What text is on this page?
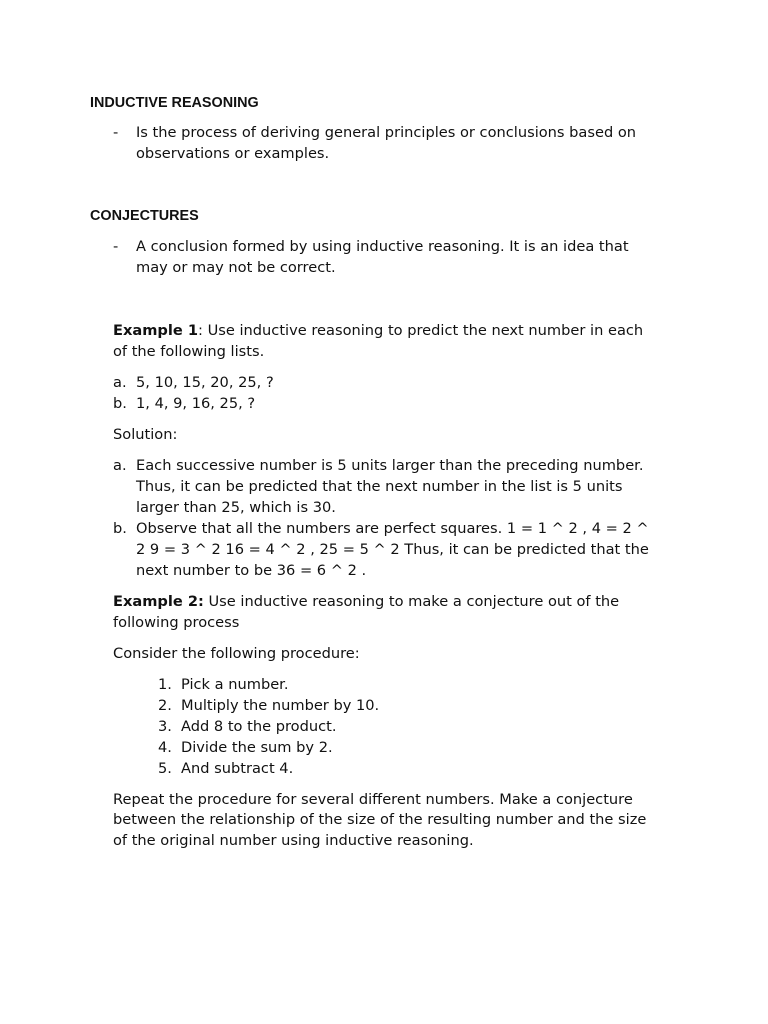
INDUCTIVE REASONING
- Is the process of deriving general principles or conclusions based on
observations or examples.
CONJECTURES
- A conclusion formed by using inductive reasoning. It is an idea that
may or may not be correct.
Example 1: Use inductive reasoning to predict the next number in each
of the following lists.
a. 5, 10, 15, 20, 25, ?
b. 1, 4, 9, 16, 25, ?
Solution:
a. Each successive number is 5 units larger than the preceding number.
Thus, it can be predicted that the next number in the list is 5 units
larger than 25, which is 30.
b. Observe that all the numbers are perfect squares. 1 = 1 ^ 2 , 4 = 2 ^
2 9 = 3 ^ 2 16 = 4 ^ 2 , 25 = 5 ^ 2 Thus, it can be predicted that the
next number to be 36 = 6 ^ 2 .
Example 2: Use inductive reasoning to make a conjecture out of the
following process
Consider the following procedure:
1. Pick a number.
2. Multiply the number by 10.
3. Add 8 to the product.
4. Divide the sum by 2.
5. And subtract 4.
Repeat the procedure for several different numbers. Make a conjecture
between the relationship of the size of the resulting number and the size
of the original number using inductive reasoning.
